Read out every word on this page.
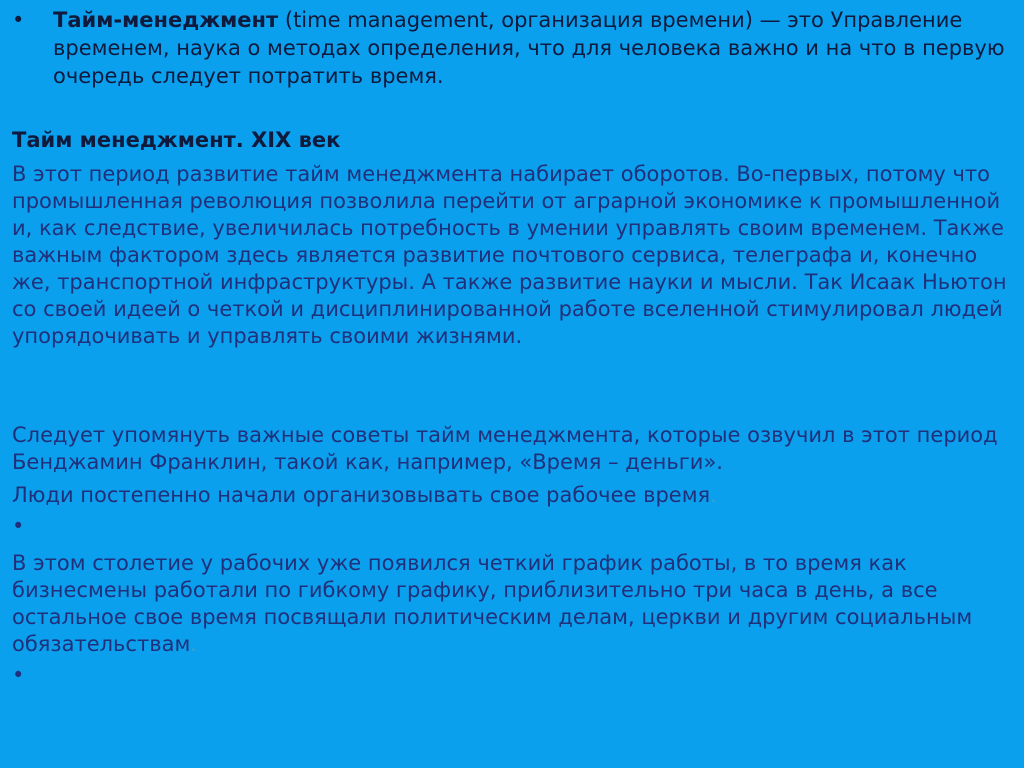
•	Тайм-менеджмент (time management, организация времени) — это Управление временем, наука о методах определения, что для человека важно и на что в первую очередь следует потратить время.
Тайм менеджмент. XIX век
В этот период развитие тайм менеджмента набирает оборотов. Во-первых, потому что промышленная революция позволила перейти от аграрной экономике к промышленной и, как следствие, увеличилась потребность в умении управлять своим временем. Также важным фактором здесь является развитие почтового сервиса, телеграфа и, конечно же, транспортной инфраструктуры. А также развитие науки и мысли. Так Исаак Ньютон со своей идеей о четкой и дисциплинированной работе вселенной стимулировал людей упорядочивать и управлять своими жизнями.
Следует упомянуть важные советы тайм менеджмента, которые озвучил в этот период Бенджамин Франклин, такой как, например, «Время – деньги».
Люди постепенно начали организовывать свое рабочее время.
•
В этом столетие у рабочих уже появился четкий график работы, в то время как бизнесмены работали по гибкому графику, приблизительно три часа в день, а все остальное свое время посвящали политическим делам, церкви и другим социальным обязательствам.
•
